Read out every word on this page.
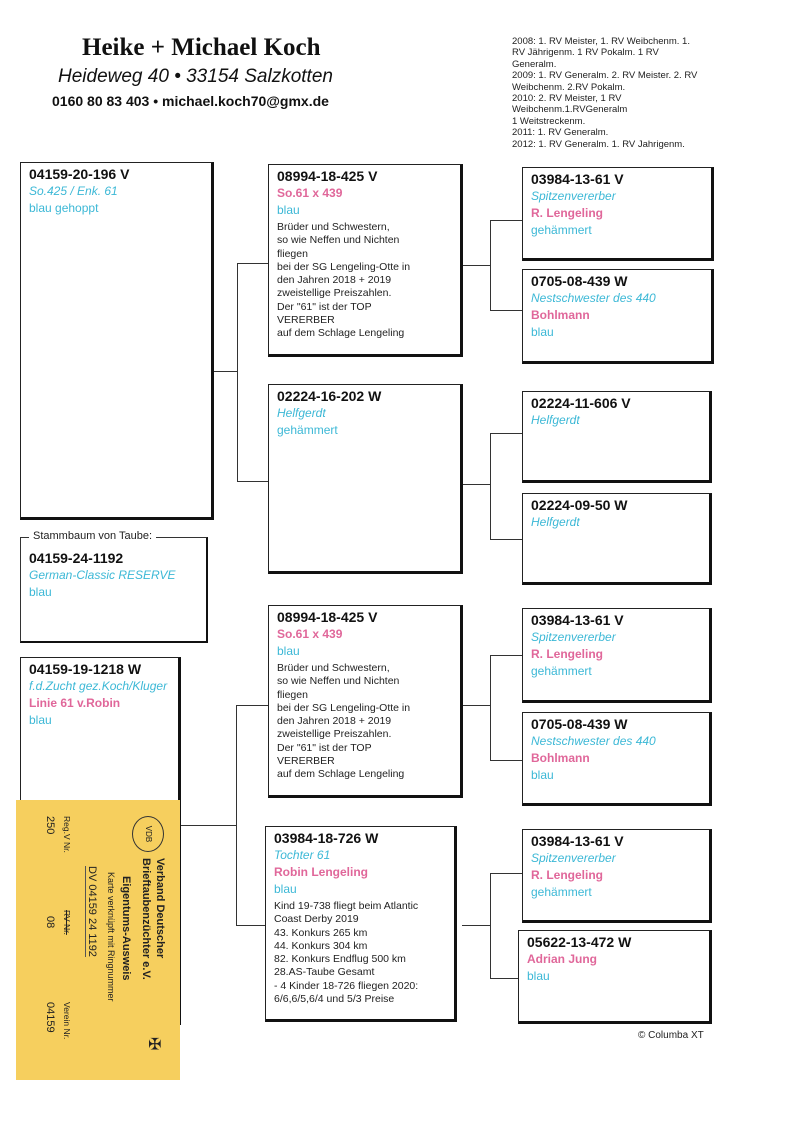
Heike + Michael Koch
Heideweg 40 • 33154 Salzkotten
0160 80 83 403 • michael.koch70@gmx.de
2008: 1. RV Meister, 1. RV Weibchenm. 1.
RV Jährigenm. 1 RV Pokalm. 1 RV
Generalm.
2009: 1. RV Generalm. 2. RV Meister. 2. RV
Weibchenm. 2.RV Pokalm.
2010: 2. RV Meister, 1 RV
Weibchenm.1.RVGeneralm
1 Weitstreckenm.
2011: 1. RV Generalm.
2012: 1. RV Generalm. 1. RV Jahrigenm.
04159-20-196 V
So.425 / Enk. 61
blau gehoppt
Stammbaum von Taube:
04159-24-1192
German-Classic RESERVE
blau
04159-19-1218 W
f.d.Zucht gez.Koch/Kluger
Linie 61 v.Robin
blau
08994-18-425 V
So.61 x 439
blau
Brüder und Schwestern,
so wie Neffen und Nichten
fliegen
bei der SG Lengeling-Otte in
den Jahren 2018 + 2019
zweistellige Preiszahlen.
Der "61" ist der TOP
VERERBER
auf dem Schlage Lengeling
02224-16-202 W
Helfgerdt
gehämmert
08994-18-425 V
So.61 x 439
blau
Brüder und Schwestern,
so wie Neffen und Nichten
fliegen
bei der SG Lengeling-Otte in
den Jahren 2018 + 2019
zweistellige Preiszahlen.
Der "61" ist der TOP
VERERBER
auf dem Schlage Lengeling
03984-18-726 W
Tochter 61
Robin Lengeling
blau
Kind 19-738 fliegt beim Atlantic
Coast Derby 2019
43. Konkurs 265 km
44. Konkurs 304 km
82. Konkurs Endflug 500 km
28.AS-Taube Gesamt
- 4 Kinder 18-726 fliegen 2020:
6/6,6/5,6/4 und 5/3 Preise
03984-13-61 V
Spitzenvererber
R. Lengeling
gehämmert
0705-08-439 W
Nestschwester des 440
Bohlmann
blau
02224-11-606 V
Helfgerdt
02224-09-50 W
Helfgerdt
03984-13-61 V
Spitzenvererber
R. Lengeling
gehämmert
0705-08-439 W
Nestschwester des 440
Bohlmann
blau
03984-13-61 V
Spitzenvererber
R. Lengeling
gehämmert
05622-13-472 W
Adrian Jung
blau
VDB
Verband Deutscher
Brieftaubenzüchter e.V.
✠
Eigentums-Ausweis
Karte verknüpft mit Ringnummer
DV 04159 24 1192
Reg.V Nr.
250
RV Nr.
08
Verein Nr.
04159
© Columba XT
